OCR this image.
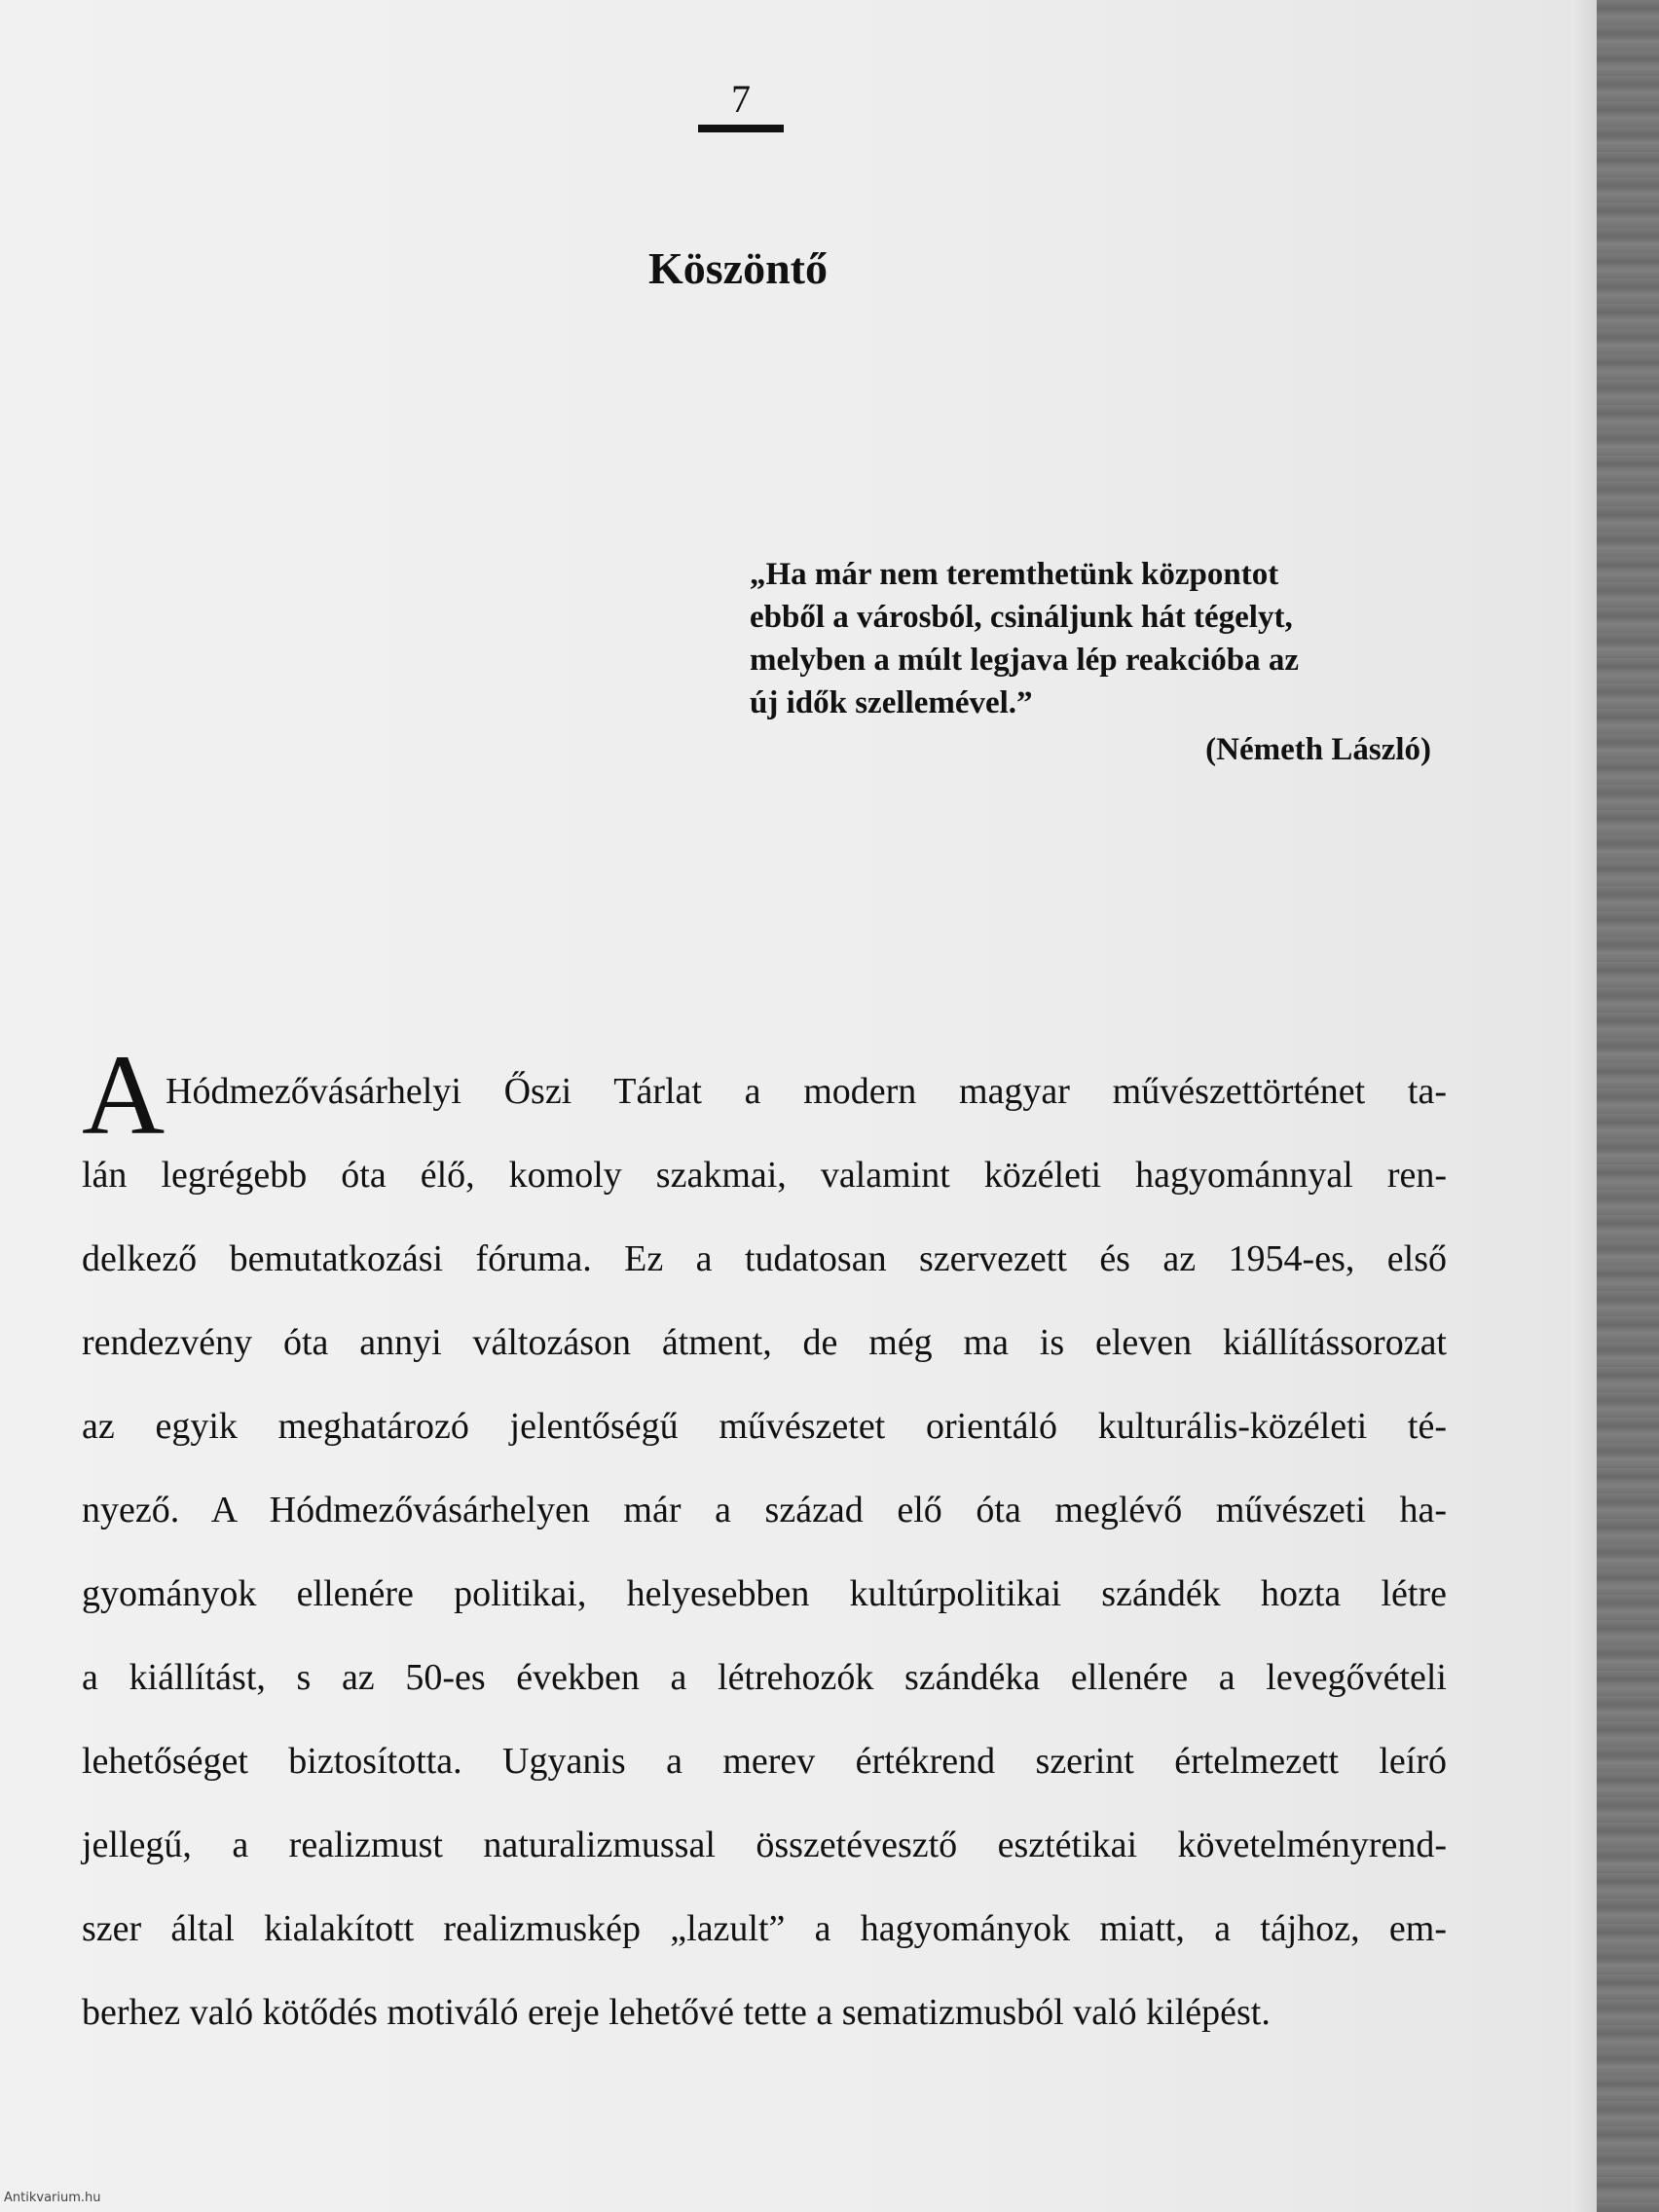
7
Köszöntő
„Ha már nem teremthetünk központot
ebből a városból, csináljunk hát tégelyt,
melyben a múlt legjava lép reakcióba az
új idők szellemével.”
(Németh László)
A Hódmezővásárhelyi Őszi Tárlat a modern magyar művészettörténet ta-
lán legrégebb óta élő, komoly szakmai, valamint közéleti hagyománnyal ren-
delkező bemutatkozási fóruma. Ez a tudatosan szervezett és az 1954-es, első
rendezvény óta annyi változáson átment, de még ma is eleven kiállítássorozat
az egyik meghatározó jelentőségű művészetet orientáló kulturális-közéleti té-
nyező. A Hódmezővásárhelyen már a század elő óta meglévő művészeti ha-
gyományok ellenére politikai, helyesebben kultúrpolitikai szándék hozta létre
a kiállítást, s az 50-es években a létrehozók szándéka ellenére a levegővételi
lehetőséget biztosította. Ugyanis a merev értékrend szerint értelmezett leíró
jellegű, a realizmust naturalizmussal összetévesztő esztétikai követelményrend-
szer által kialakított realizmuskép „lazult” a hagyományok miatt, a tájhoz, em-
berhez való kötődés motiváló ereje lehetővé tette a sematizmusból való kilépést.
Antikvarium.hu
